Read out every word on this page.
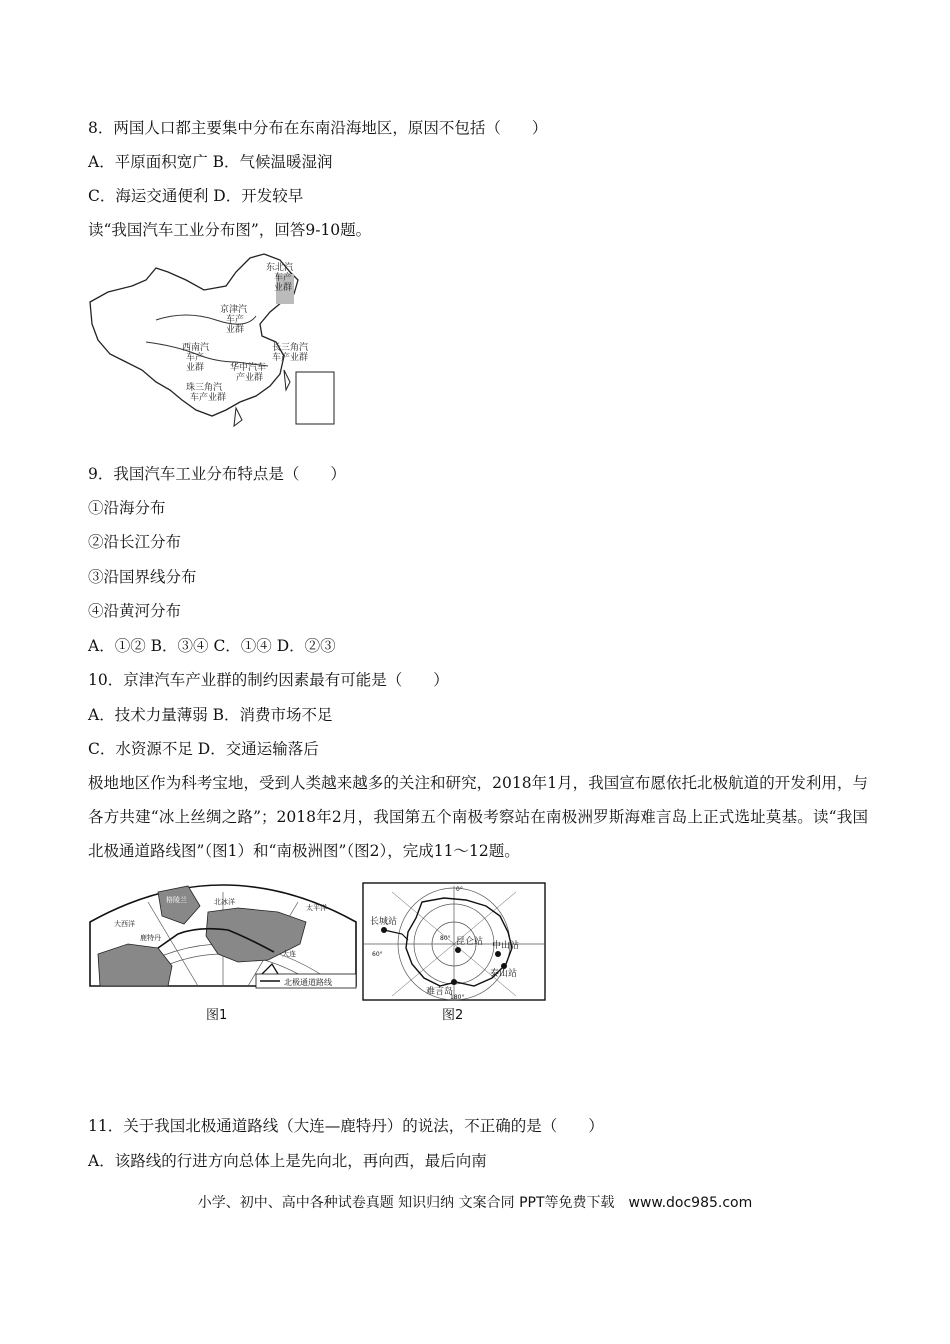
8．两国人口都主要集中分布在东南沿海地区，原因不包括（　　）
A．平原面积宽广 B．气候温暖湿润
C．海运交通便利 D．开发较早
读“我国汽车工业分布图”，回答9-10题。
东北汽
车产
业群
京津汽
车产
业群
西南汽
车产
业群
长三角汽
车产业群
华中汽车
产业群
珠三角汽
车产业群
9．我国汽车工业分布特点是（　　）
①沿海分布
②沿长江分布
③沿国界线分布
④沿黄河分布
A．①② B．③④ C．①④ D．②③
10．京津汽车产业群的制约因素最有可能是（　　）
A．技术力量薄弱 B．消费市场不足
C．水资源不足 D．交通运输落后
极地地区作为科考宝地，受到人类越来越多的关注和研究，2018年1月，我国宣布愿依托北极航道的开发利用，与各方共建“冰上丝绸之路”；2018年2月，我国第五个南极考察站在南极洲罗斯海难言岛上正式选址莫基。读“我国北极通道路线图”（图1）和“南极洲图”（图2），完成11～12题。
北极通道路线
格陵兰
大西洋
太平洋
北冰洋
大连
鹿特丹
图1
长城站
中山站
昆仑站
泰山站
难言岛
0°
80°
60°
180°
图2
11．关于我国北极通道路线（大连—鹿特丹）的说法，不正确的是（　　）
A．该路线的行进方向总体上是先向北，再向西，最后向南
小学、初中、高中各种试卷真题 知识归纳 文案合同 PPT等免费下载　www.doc985.com
